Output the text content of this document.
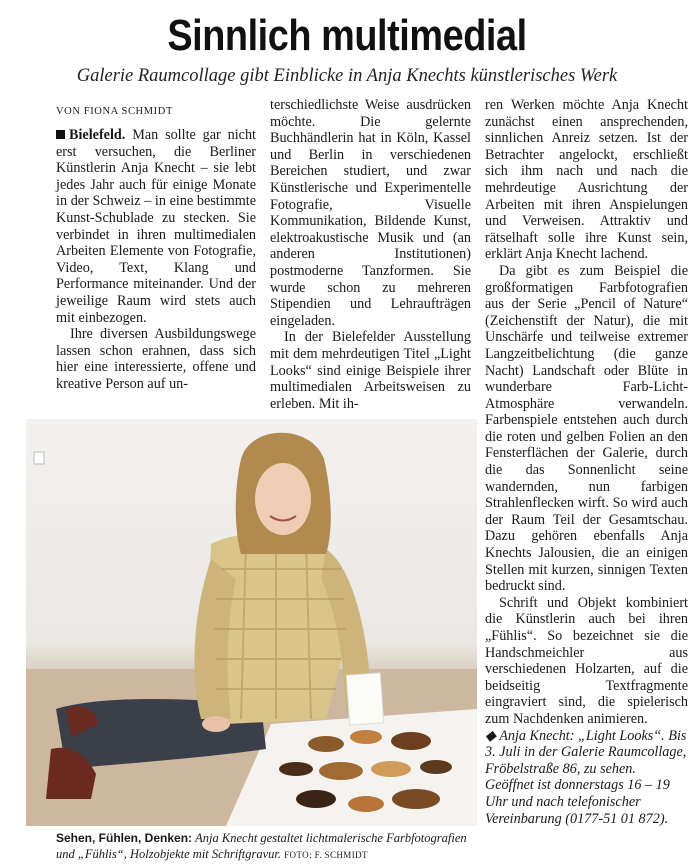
Sinnlich multimedial
Galerie Raumcollage gibt Einblicke in Anja Knechts künstlerisches Werk
VON FIONA SCHMIDT

Bielefeld. Man sollte gar nicht erst versuchen, die Berliner Künstlerin Anja Knecht – sie lebt jedes Jahr auch für einige Monate in der Schweiz – in eine bestimmte Kunst-Schublade zu stecken. Sie verbindet in ihren multimedialen Arbeiten Elemente von Fotografie, Video, Text, Klang und Performance miteinander. Und der jeweilige Raum wird stets auch mit einbezogen.

Ihre diversen Ausbildungswege lassen schon erahnen, dass sich hier eine interessierte, offene und kreative Person auf un-

terschiedlichste Weise ausdrücken möchte. Die gelernte Buchhändlerin hat in Köln, Kassel und Berlin in verschiedenen Bereichen studiert, und zwar Künstlerische und Experimentelle Fotografie, Visuelle Kommunikation, Bildende Kunst, elektroakustische Musik und (an anderen Institutionen) postmoderne Tanzformen. Sie wurde schon zu mehreren Stipendien und Lehraufträgen eingeladen.

In der Bielefelder Ausstellung mit dem mehrdeutigen Titel „Light Looks“ sind einige Beispiele ihrer multimedialen Arbeitsweisen zu erleben. Mit ih-

ren Werken möchte Anja Knecht zunächst einen ansprechenden, sinnlichen Anreiz setzen. Ist der Betrachter angelockt, erschließt sich ihm nach und nach die mehrdeutige Ausrichtung der Arbeiten mit ihren Anspielungen und Verweisen. Attraktiv und rätselhaft solle ihre Kunst sein, erklärt Anja Knecht lachend.

Da gibt es zum Beispiel die großformatigen Farbfotografien aus der Serie „Pencil of Nature“ (Zeichenstift der Natur), die mit Unschärfe und teilweise extremer Langzeitbelichtung (die ganze Nacht) Landschaft oder Blüte in wunderbare Farb-Licht-Atmosphäre verwandeln. Farbenspiele entstehen auch durch die roten und gelben Folien an den Fensterflächen der Galerie, durch die das Sonnenlicht seine wandernden, nun farbigen Strahlenflecken wirft. So wird auch der Raum Teil der Gesamtschau. Dazu gehören ebenfalls Anja Knechts Jalousien, die an einigen Stellen mit kurzen, sinnigen Texten bedruckt sind.

Schrift und Objekt kombiniert die Künstlerin auch bei ihren „Fühlis“. So bezeichnet sie die Handschmeichler aus verschiedenen Holzarten, auf die beidseitig Textfragmente eingraviert sind, die spielerisch zum Nachdenken animieren.

◆ Anja Knecht: „Light Looks“. Bis 3. Juli in der Galerie Raumcollage, Fröbelstraße 86, zu sehen. Geöffnet ist donnerstags 16 – 19 Uhr und nach telefonischer Vereinbarung (0177-51 01 872).

Sehen, Fühlen, Denken: Anja Knecht gestaltet lichtmalerische Farbfotografien und „Fühlis“, Holzobjekte mit Schriftgravur. FOTO: F. SCHMIDT
